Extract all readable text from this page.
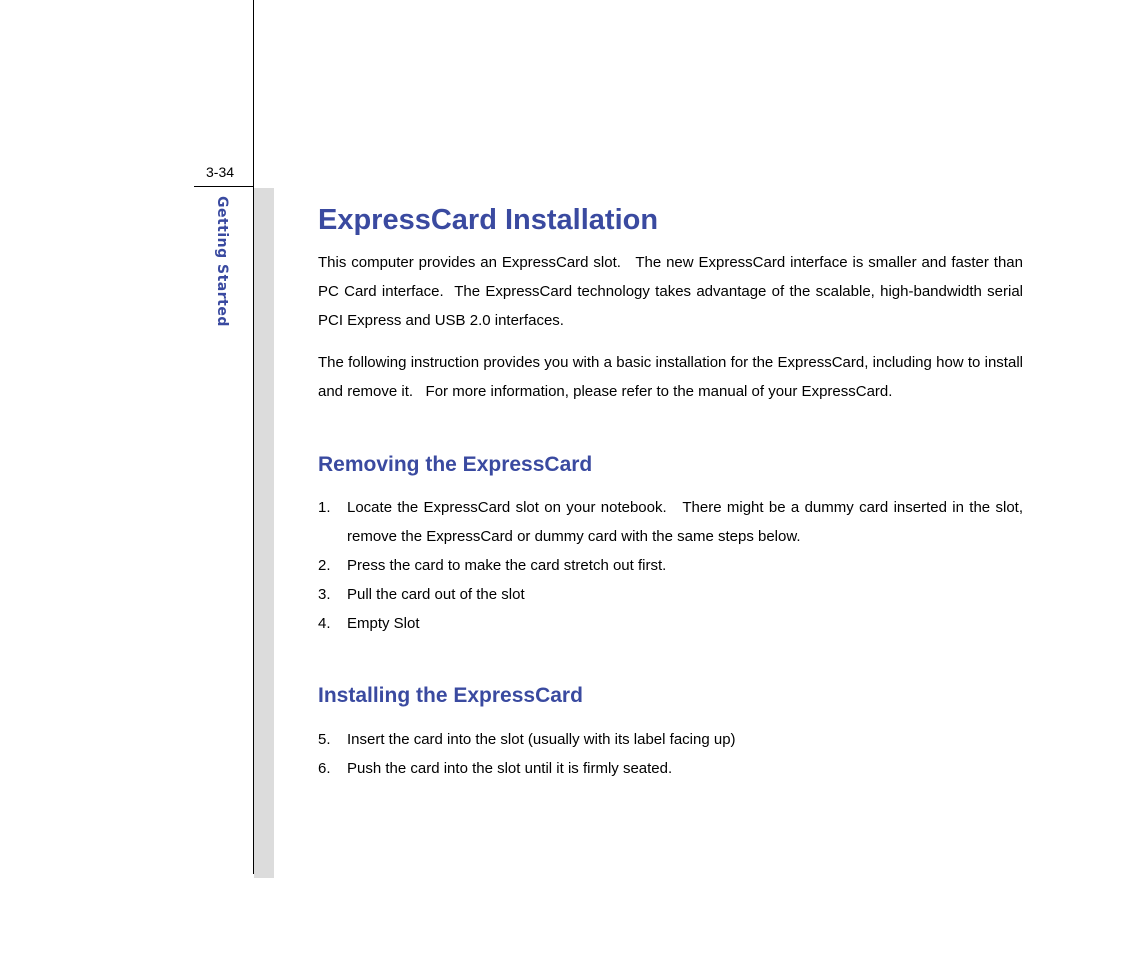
3-34
Getting Started	ExpressCard Installation

This computer provides an ExpressCard slot.   The new ExpressCard interface is smaller and faster than PC Card interface.  The ExpressCard technology takes advantage of the scalable, high-bandwidth serial PCI Express and USB 2.0 interfaces.

The following instruction provides you with a basic installation for the ExpressCard, including how to install and remove it.   For more information, please refer to the manual of your ExpressCard.

Removing the ExpressCard
1.	Locate the ExpressCard slot on your notebook.   There might be a dummy card inserted in the slot, remove the ExpressCard or dummy card with the same steps below.
2.	Press the card to make the card stretch out first.
3.	Pull the card out of the slot
4.	Empty Slot
Installing the ExpressCard
5.	Insert the card into the slot (usually with its label facing up)
6.	Push the card into the slot until it is firmly seated.
